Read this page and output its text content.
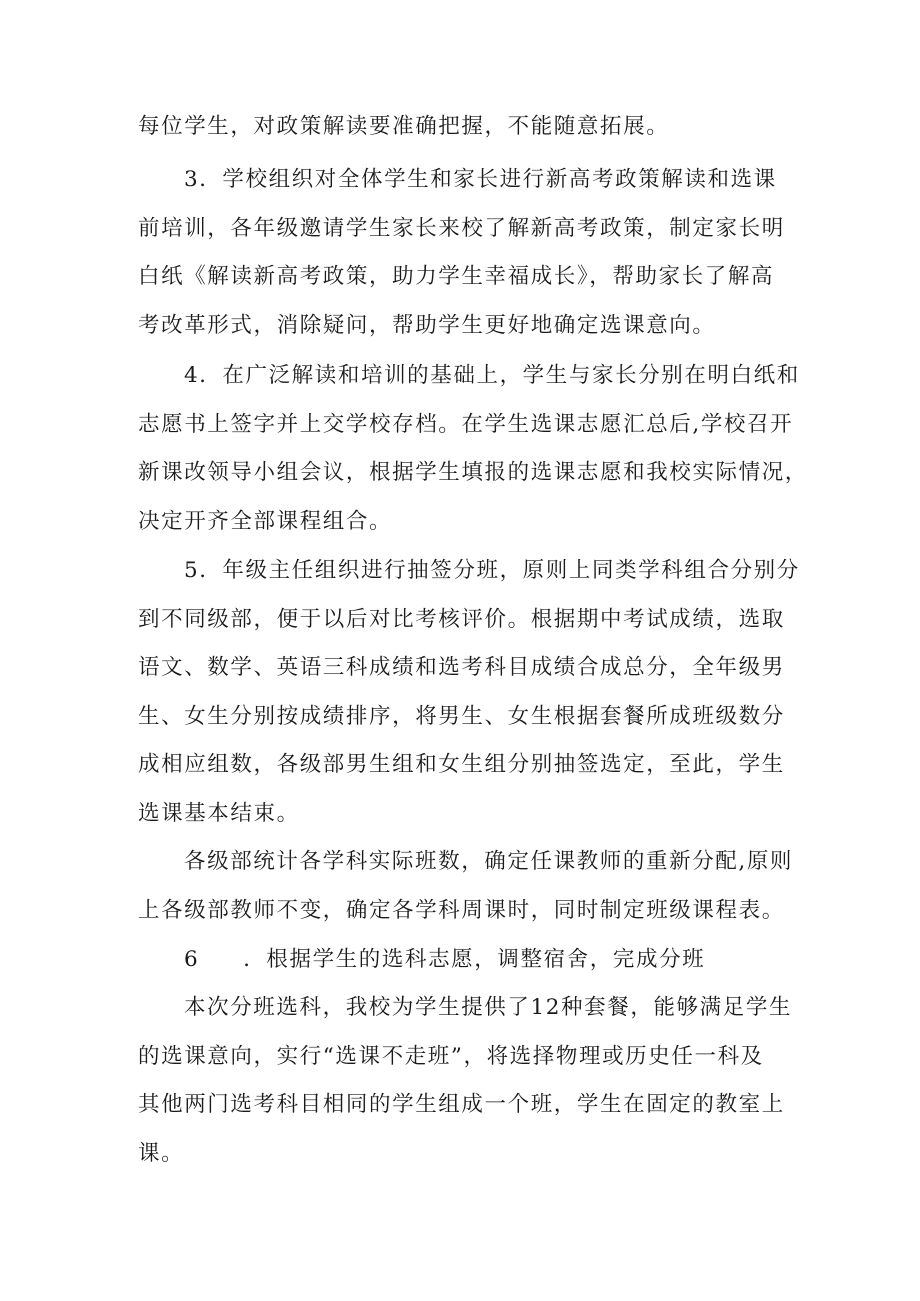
每位学生，对政策解读要准确把握，不能随意拓展。
3．学校组织对全体学生和家长进行新高考政策解读和选课
前培训，各年级邀请学生家长来校了解新高考政策，制定家长明
白纸《解读新高考政策，助力学生幸福成长》，帮助家长了解高
考改革形式，消除疑问，帮助学生更好地确定选课意向。
4．在广泛解读和培训的基础上，学生与家长分别在明白纸和
志愿书上签字并上交学校存档。在学生选课志愿汇总后,学校召开
新课改领导小组会议，根据学生填报的选课志愿和我校实际情况，
决定开齐全部课程组合。
5．年级主任组织进行抽签分班，原则上同类学科组合分别分
到不同级部，便于以后对比考核评价。根据期中考试成绩，选取
语文、数学、英语三科成绩和选考科目成绩合成总分，全年级男
生、女生分别按成绩排序，将男生、女生根据套餐所成班级数分
成相应组数，各级部男生组和女生组分别抽签选定，至此，学生
选课基本结束。
各级部统计各学科实际班数，确定任课教师的重新分配,原则
上各级部教师不变，确定各学科周课时，同时制定班级课程表。
6 ．根据学生的选科志愿，调整宿舍，完成分班
本次分班选科，我校为学生提供了12种套餐，能够满足学生
的选课意向，实行“选课不走班”，将选择物理或历史任一科及
其他两门选考科目相同的学生组成一个班，学生在固定的教室上
课。
